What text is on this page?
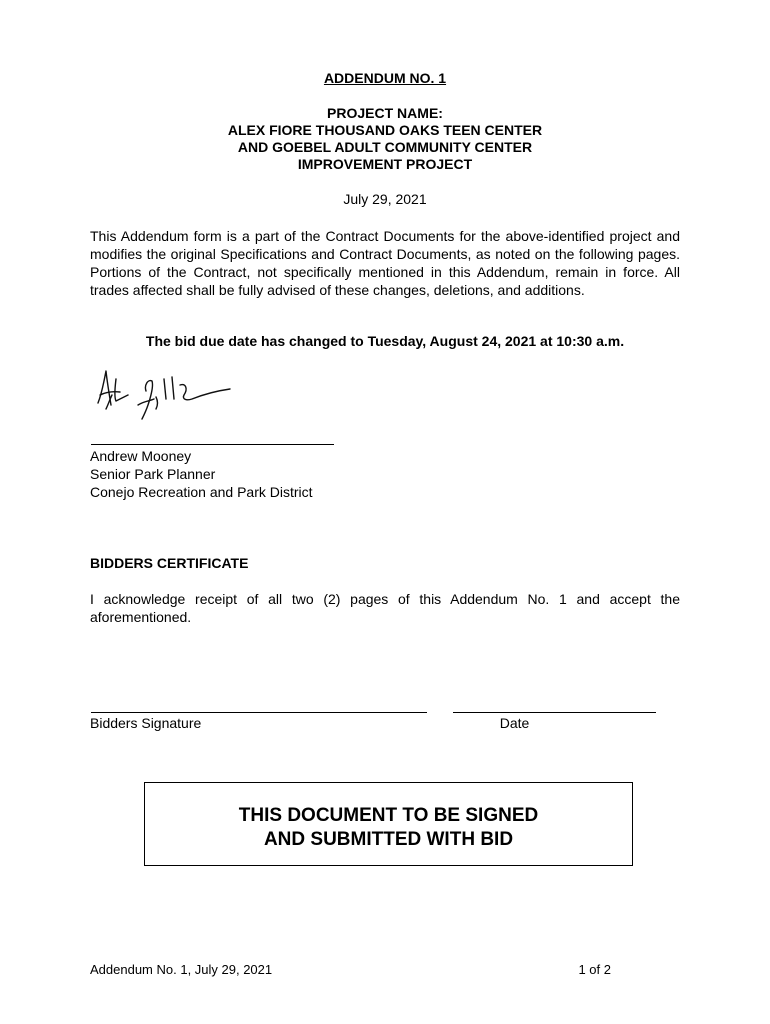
ADDENDUM NO. 1
PROJECT NAME:
ALEX FIORE THOUSAND OAKS TEEN CENTER
AND GOEBEL ADULT COMMUNITY CENTER
IMPROVEMENT PROJECT
July 29, 2021
This Addendum form is a part of the Contract Documents for the above-identified project and modifies the original Specifications and Contract Documents, as noted on the following pages. Portions of the Contract, not specifically mentioned in this Addendum, remain in force. All trades affected shall be fully advised of these changes, deletions, and additions.
The bid due date has changed to Tuesday, August 24, 2021 at 10:30 a.m.
Andrew Mooney
Senior Park Planner
Conejo Recreation and Park District
BIDDERS CERTIFICATE
I acknowledge receipt of all two (2) pages of this Addendum No. 1 and accept the aforementioned.
Bidders Signature	Date
THIS DOCUMENT TO BE SIGNED
AND SUBMITTED WITH BID
Addendum No. 1, July 29, 2021	1 of 2
